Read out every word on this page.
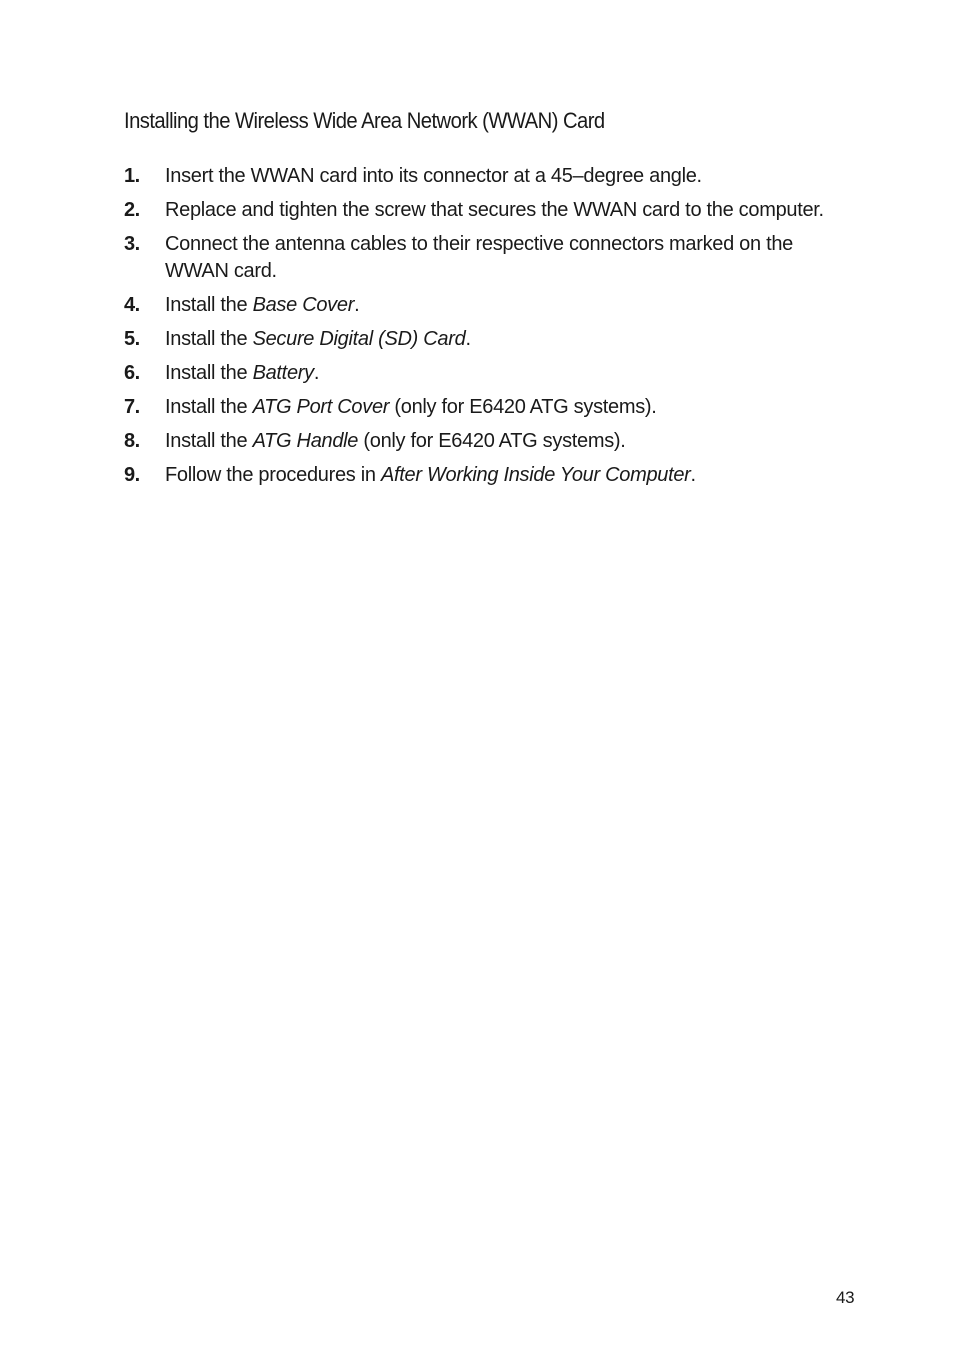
Installing the Wireless Wide Area Network (WWAN) Card
1. Insert the WWAN card into its connector at a 45–degree angle.
2. Replace and tighten the screw that secures the WWAN card to the computer.
3. Connect the antenna cables to their respective connectors marked on the WWAN card.
4. Install the Base Cover.
5. Install the Secure Digital (SD) Card.
6. Install the Battery.
7. Install the ATG Port Cover (only for E6420 ATG systems).
8. Install the ATG Handle (only for E6420 ATG systems).
9. Follow the procedures in After Working Inside Your Computer.
43
